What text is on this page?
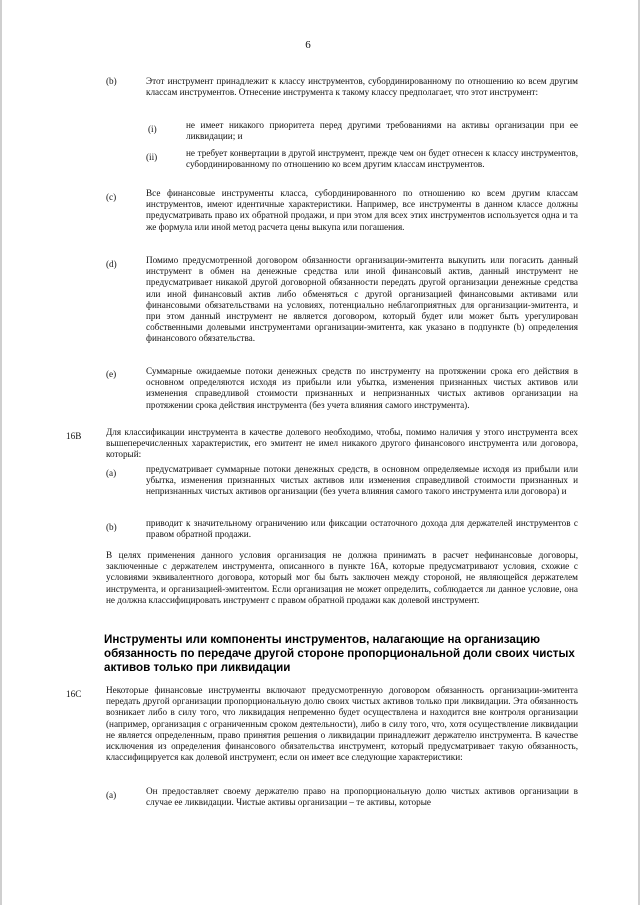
6
(b)	Этот инструмент принадлежит к классу инструментов, субординированному по отношению ко всем другим классам инструментов. Отнесение инструмента к такому классу предполагает, что этот инструмент:
(i)	не имеет никакого приоритета перед другими требованиями на активы организации при ее ликвидации; и
(ii)	не требует конвертации в другой инструмент, прежде чем он будет отнесен к классу инструментов, субординированному по отношению ко всем другим классам инструментов.
(c)	Все финансовые инструменты класса, субординированного по отношению ко всем другим классам инструментов, имеют идентичные характеристики. Например, все инструменты в данном классе должны предусматривать право их обратной продажи, и при этом для всех этих инструментов используется одна и та же формула или иной метод расчета цены выкупа или погашения.
(d)	Помимо предусмотренной договором обязанности организации-эмитента выкупить или погасить данный инструмент в обмен на денежные средства или иной финансовый актив, данный инструмент не предусматривает никакой другой договорной обязанности передать другой организации денежные средства или иной финансовый актив либо обменяться с другой организацией финансовыми активами или финансовыми обязательствами на условиях, потенциально неблагоприятных для организации-эмитента, и при этом данный инструмент не является договором, который будет или может быть урегулирован собственными долевыми инструментами организации-эмитента, как указано в подпункте (b) определения финансового обязательства.
(e)	Суммарные ожидаемые потоки денежных средств по инструменту на протяжении срока его действия в основном определяются исходя из прибыли или убытка, изменения признанных чистых активов или изменения справедливой стоимости признанных и непризнанных чистых активов организации на протяжении срока действия инструмента (без учета влияния самого инструмента).
16B	Для классификации инструмента в качестве долевого необходимо, чтобы, помимо наличия у этого инструмента всех вышеперечисленных характеристик, его эмитент не имел никакого другого финансового инструмента или договора, который:
(a)	предусматривает суммарные потоки денежных средств, в основном определяемые исходя из прибыли или убытка, изменения признанных чистых активов или изменения справедливой стоимости признанных и непризнанных чистых активов организации (без учета влияния самого такого инструмента или договора) и
(b)	приводит к значительному ограничению или фиксации остаточного дохода для держателей инструментов с правом обратной продажи.
В целях применения данного условия организация не должна принимать в расчет нефинансовые договоры, заключенные с держателем инструмента, описанного в пункте 16A, которые предусматривают условия, схожие с условиями эквивалентного договора, который мог бы быть заключен между стороной, не являющейся держателем инструмента, и организацией-эмитентом. Если организация не может определить, соблюдается ли данное условие, она не должна классифицировать инструмент с правом обратной продажи как долевой инструмент.
Инструменты или компоненты инструментов, налагающие на организацию обязанность по передаче другой стороне пропорциональной доли своих чистых активов только при ликвидации
16C	Некоторые финансовые инструменты включают предусмотренную договором обязанность организации-эмитента передать другой организации пропорциональную долю своих чистых активов только при ликвидации. Эта обязанность возникает либо в силу того, что ликвидация непременно будет осуществлена и находится вне контроля организации (например, организация с ограниченным сроком деятельности), либо в силу того, что, хотя осуществление ликвидации не является определенным, право принятия решения о ликвидации принадлежит держателю инструмента. В качестве исключения из определения финансового обязательства инструмент, который предусматривает такую обязанность, классифицируется как долевой инструмент, если он имеет все следующие характеристики:
(a)	Он предоставляет своему держателю право на пропорциональную долю чистых активов организации в случае ее ликвидации. Чистые активы организации – те активы, которые
